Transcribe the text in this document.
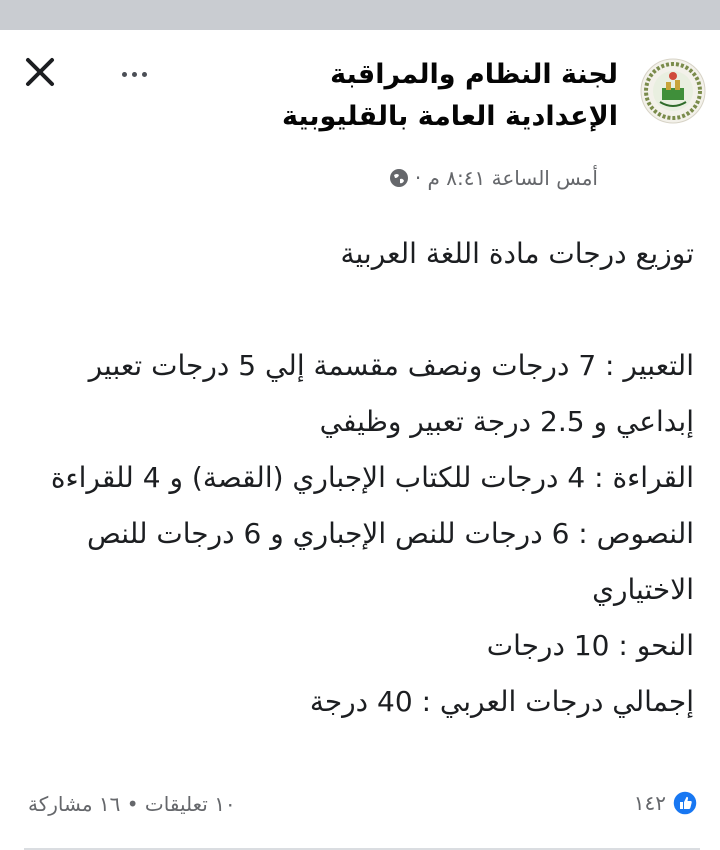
لجنة النظام والمراقبة
الإعدادية العامة بالقليوبية
أمس الساعة ٨:٤١ م ·

توزيع درجات مادة اللغة العربية

التعبير : 7 درجات ونصف مقسمة إلي 5 درجات تعبير إبداعي و 2.5 درجة تعبير وظيفي

القراءة : 4 درجات للكتاب الإجباري (القصة) و 4 للقراءة

النصوص : 6 درجات للنص الإجباري و 6 درجات للنص الاختياري

النحو : 10 درجات

إجمالي درجات العربي : 40 درجة

١٤٢
١٠ تعليقات • ١٦ مشاركة
